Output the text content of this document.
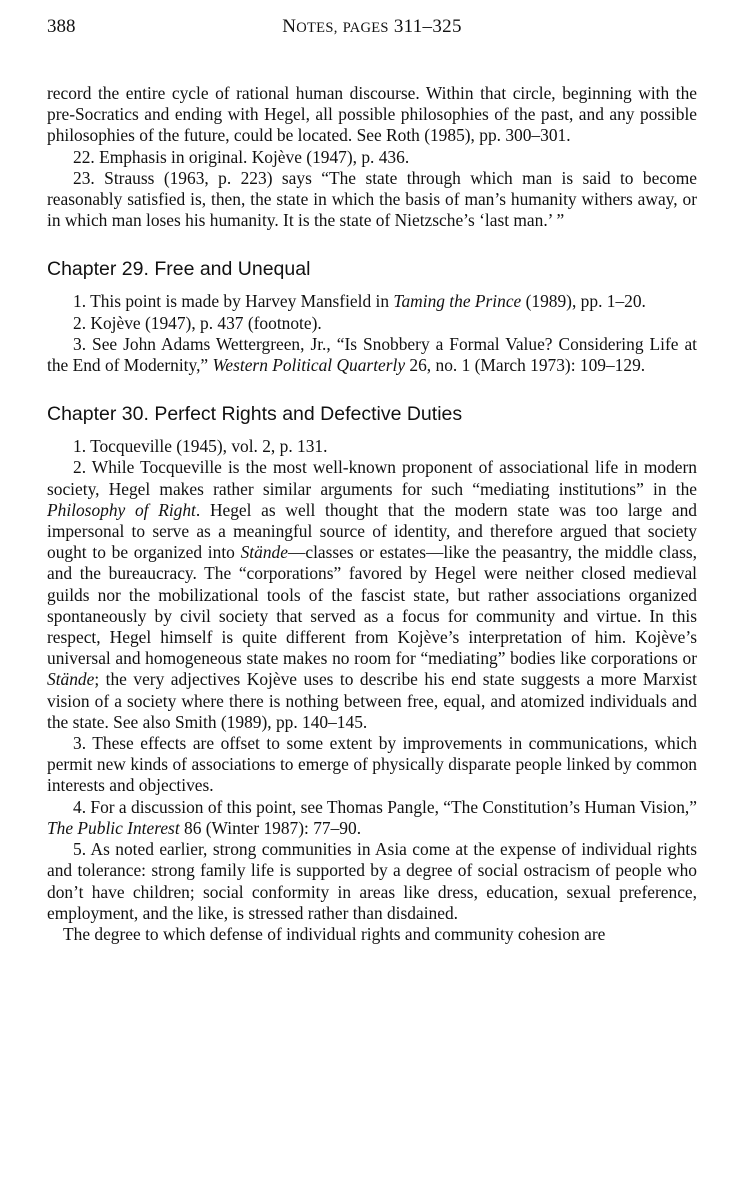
388	NOTES, PAGES 311–325

record the entire cycle of rational human discourse. Within that circle, beginning with the pre-Socratics and ending with Hegel, all possible philosophies of the past, and any possible philosophies of the future, could be located. See Roth (1985), pp. 300–301.

22. Emphasis in original. Kojève (1947), p. 436.

23. Strauss (1963, p. 223) says “The state through which man is said to become reasonably satisfied is, then, the state in which the basis of man’s humanity withers away, or in which man loses his humanity. It is the state of Nietzsche’s ‘last man.’ ”

Chapter 29. Free and Unequal

1. This point is made by Harvey Mansfield in Taming the Prince (1989), pp. 1–20.

2. Kojève (1947), p. 437 (footnote).

3. See John Adams Wettergreen, Jr., “Is Snobbery a Formal Value? Considering Life at the End of Modernity,” Western Political Quarterly 26, no. 1 (March 1973): 109–129.

Chapter 30. Perfect Rights and Defective Duties

1. Tocqueville (1945), vol. 2, p. 131.

2. While Tocqueville is the most well-known proponent of associational life in modern society, Hegel makes rather similar arguments for such “mediating institutions” in the Philosophy of Right. Hegel as well thought that the modern state was too large and impersonal to serve as a meaningful source of identity, and therefore argued that society ought to be organized into Stände—classes or estates—like the peasantry, the middle class, and the bureaucracy. The “corporations” favored by Hegel were neither closed medieval guilds nor the mobilizational tools of the fascist state, but rather associations organized spontaneously by civil society that served as a focus for community and virtue. In this respect, Hegel himself is quite different from Kojève’s interpretation of him. Kojève’s universal and homogeneous state makes no room for “mediating” bodies like corporations or Stände; the very adjectives Kojève uses to describe his end state suggests a more Marxist vision of a society where there is nothing between free, equal, and atomized individuals and the state. See also Smith (1989), pp. 140–145.

3. These effects are offset to some extent by improvements in communications, which permit new kinds of associations to emerge of physically disparate people linked by common interests and objectives.

4. For a discussion of this point, see Thomas Pangle, “The Constitution’s Human Vision,” The Public Interest 86 (Winter 1987): 77–90.

5. As noted earlier, strong communities in Asia come at the expense of individual rights and tolerance: strong family life is supported by a degree of social ostracism of people who don’t have children; social conformity in areas like dress, education, sexual preference, employment, and the like, is stressed rather than disdained.

The degree to which defense of individual rights and community cohesion are
